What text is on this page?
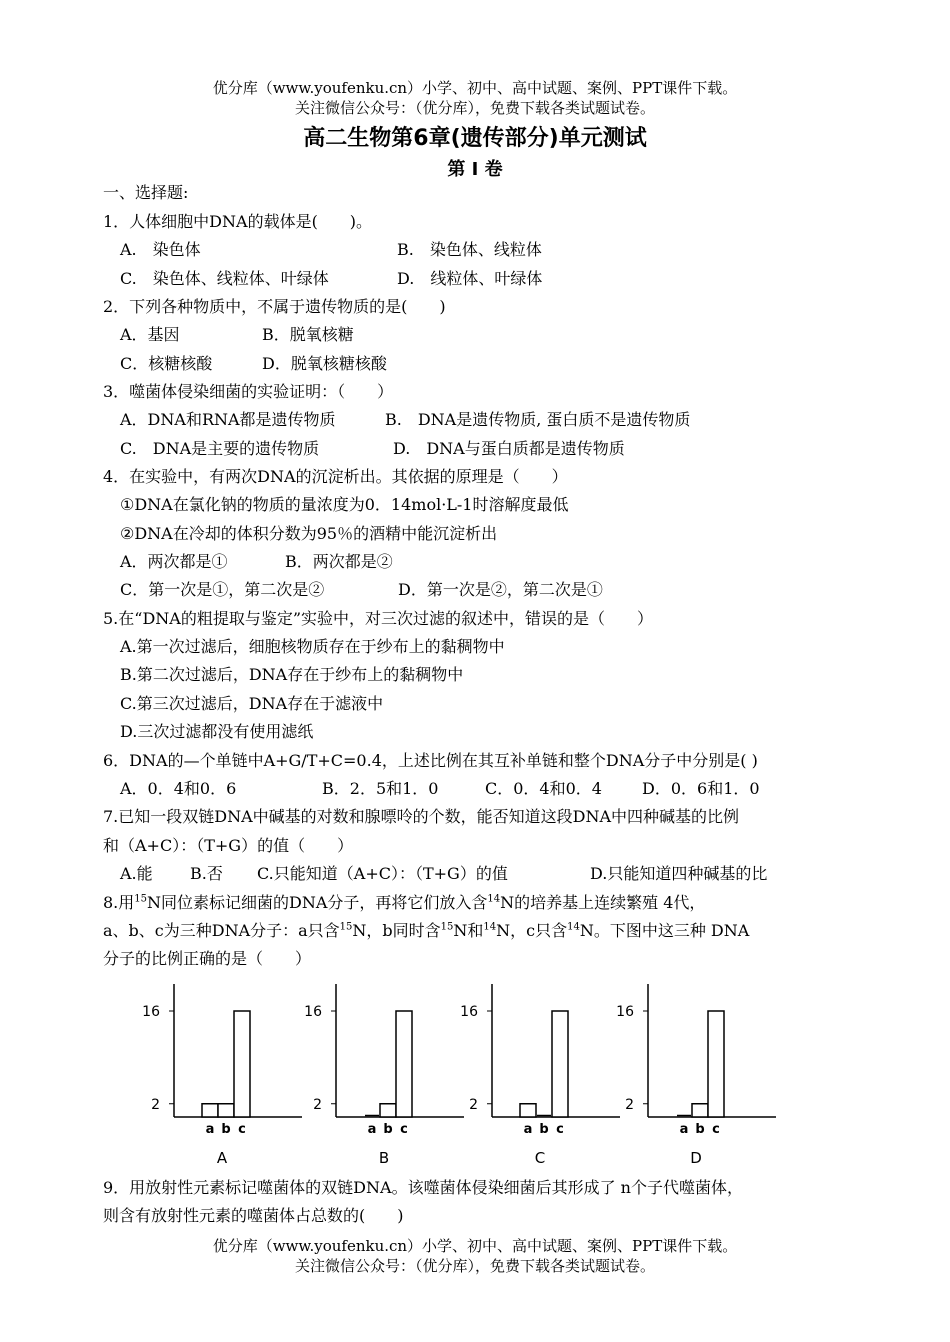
优分库（www.youfenku.cn）小学、初中、高中试题、案例、PPT课件下载。
关注微信公众号：（优分库），免费下载各类试题试卷。
高二生物第6章(遗传部分)单元测试
第 Ⅰ 卷
一、选择题:
1．人体细胞中DNA的载体是(　　)。
A.　染色体	B.　染色体、线粒体
C.　染色体、线粒体、叶绿体	D.　线粒体、叶绿体
2．下列各种物质中，不属于遗传物质的是(　　)
A．基因	B．脱氧核糖
C．核糖核酸	D．脱氧核糖核酸
3．噬菌体侵染细菌的实验证明：（　　）
A．DNA和RNA都是遗传物质	B.　DNA是遗传物质, 蛋白质不是遗传物质
C.　DNA是主要的遗传物质	D.　DNA与蛋白质都是遗传物质
4．在实验中，有两次DNA的沉淀析出。其依据的原理是（　　）
①DNA在氯化钠的物质的量浓度为0．14mol·L-1时溶解度最低
②DNA在冷却的体积分数为95％的酒精中能沉淀析出
A．两次都是①	B．两次都是②
C．第一次是①，第二次是②	D．第一次是②，第二次是①
5.在“DNA的粗提取与鉴定”实验中，对三次过滤的叙述中，错误的是（　　）
A.第一次过滤后，细胞核物质存在于纱布上的黏稠物中
B.第二次过滤后，DNA存在于纱布上的黏稠物中
C.第三次过滤后，DNA存在于滤液中
D.三次过滤都没有使用滤纸
6．DNA的—个单链中A+G/T+C=0.4，上述比例在其互补单链和整个DNA分子中分别是( )
A．0．4和0．6	B．2．5和1．0	C．0．4和0．4	D．0．6和1．0
7.已知一段双链DNA中碱基的对数和腺嘌呤的个数，能否知道这段DNA中四种碱基的比例
和（A+C）：（T+G）的值（　　）
A.能 B.否 C.只能知道（A+C）：（T+G）的值	D.只能知道四种碱基的比
8.用$^{15}$N同位素标记细菌的DNA分子，再将它们放入含$^{14}$N的培养基上连续繁殖 4代，
a、b、c为三种DNA分子：a只含$^{15}$N，b同时含$^{15}$N和$^{14}$N，c只含$^{14}$N。下图中这三种 DNA
分子的比例正确的是（　　）
16
2
a b c
A
16
2
a b c
B
16
2
a b c
C
16
2
a b c
D
9．用放射性元素标记噬菌体的双链DNA。该噬菌体侵染细菌后其形成了 n个子代噬菌体，
则含有放射性元素的噬菌体占总数的(　　)
优分库（www.youfenku.cn）小学、初中、高中试题、案例、PPT课件下载。
关注微信公众号：（优分库），免费下载各类试题试卷。
